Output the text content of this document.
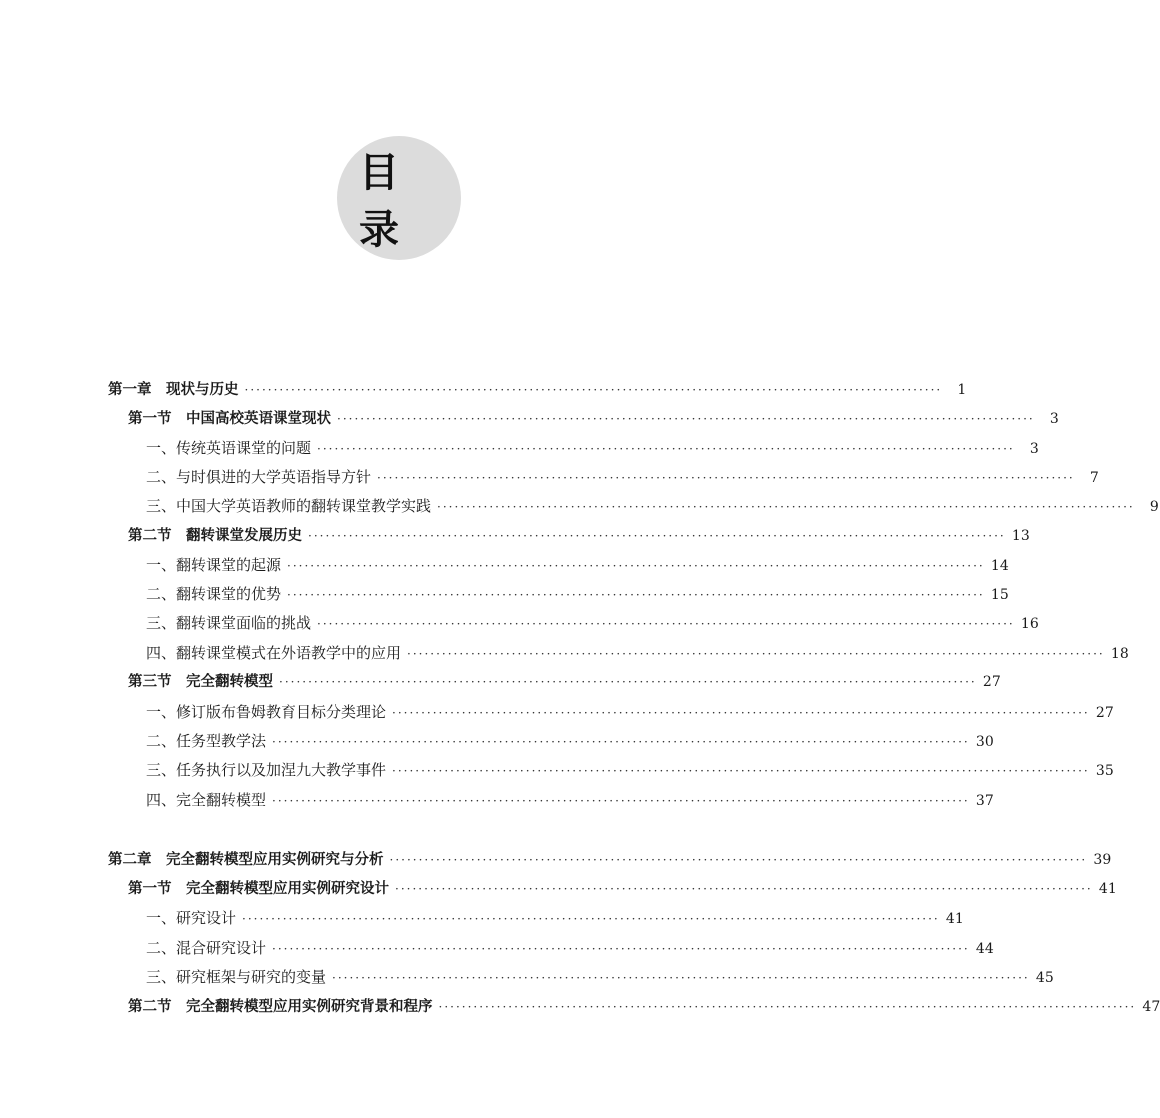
目 录
第一章　现状与历史 ························································································································	1
第一节　中国高校英语课堂现状 ························································································································	3
一、传统英语课堂的问题 ························································································································	3
二、与时俱进的大学英语指导方针 ························································································································	7
三、中国大学英语教师的翻转课堂教学实践 ························································································································	9
第二节　翻转课堂发展历史 ························································································································ 13
一、翻转课堂的起源 ························································································································ 14
二、翻转课堂的优势 ························································································································ 15
三、翻转课堂面临的挑战 ························································································································ 16
四、翻转课堂模式在外语教学中的应用 ························································································································ 18
第三节　完全翻转模型 ························································································································ 27
一、修订版布鲁姆教育目标分类理论 ························································································································ 27
二、任务型教学法 ························································································································ 30
三、任务执行以及加涅九大教学事件 ························································································································ 35
四、完全翻转模型 ························································································································ 37
第二章　完全翻转模型应用实例研究与分析 ························································································································ 39
第一节　完全翻转模型应用实例研究设计 ························································································································ 41
一、研究设计 ························································································································ 41
二、混合研究设计 ························································································································ 44
三、研究框架与研究的变量 ························································································································ 45
第二节　完全翻转模型应用实例研究背景和程序 ························································································································ 47
